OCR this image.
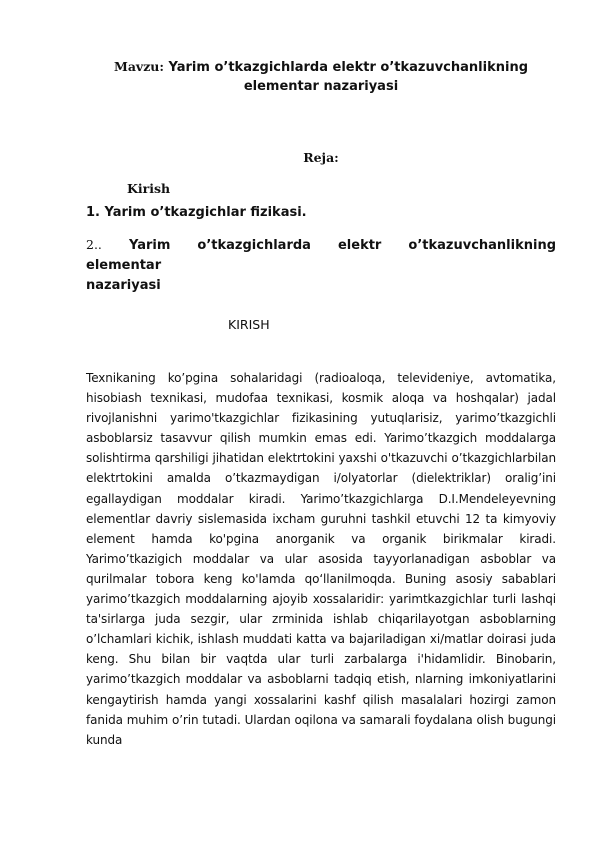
Mavzu: Yarim o’tkazgichlarda elektr o’tkazuvchanlikning
elementar nazariyasi
Reja:
Kirish
1. Yarim o’tkazgichlar fizikasi.
2.. Yarim o’tkazgichlarda elektr o’tkazuvchanlikning elementar
nazariyasi
KIRISH
Texnikaning ko’pgina sohalaridagi (radioaloqa, televideniye, avtomatika, hisobiash texnikasi, mudofaa texnikasi, kosmik aloqa va hoshqalar) jadal rivojlanishni yarimo'tkazgichlar fizikasining yutuqlarisiz, yarimo’tkazgichli asboblarsiz tasavvur qilish mumkin emas edi. Yarimo’tkazgich moddalarga solishtirma qarshiligi jihatidan elektrtokini yaxshi o'tkazuvchi o’tkazgichlarbilan elektrtokini amalda o’tkazmaydigan i/olyatorlar (dielektriklar) oralig’ini egallaydigan moddalar kiradi. Yarimo’tkazgichlarga D.I.Mendeleyevning elementlar davriy sislemasida ixcham guruhni tashkil etuvchi 12 ta kimyoviy element hamda ko'pgina anorganik va organik birikmalar kiradi. Yarimo’tkazigich moddalar va ular asosida tayyorlanadigan asboblar va qurilmalar tobora keng ko'lamda qo‘llanilmoqda. Buning asosiy sabablari yarimo’tkazgich moddalarning ajoyib xossalaridir: yarimtkazgichlar turli lashqi ta'sirlarga juda sezgir, ular zrminida ishlab chiqarilayotgan asboblarning o’lchamlari kichik, ishlash muddati katta va bajariladigan xi/matlar doirasi juda keng. Shu bilan bir vaqtda ular turli zarbalarga i'hidamlidir. Binobarin, yarimo’tkazgich moddalar va asboblarni tadqiq etish, nlarning imkoniyatlarini kengaytirish hamda yangi xossalarini kashf qilish masalalari hozirgi zamon fanida muhim o’rin tutadi. Ulardan oqilona va samarali foydalana olish bugungi kunda
